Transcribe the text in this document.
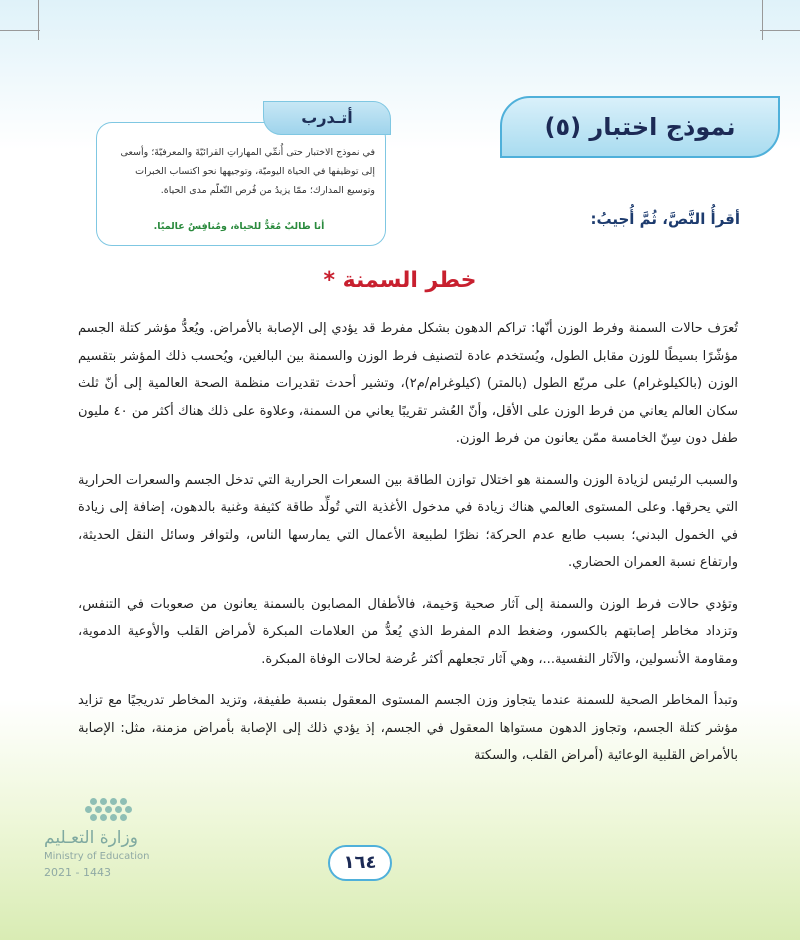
أتـدرب
في نموذج الاختبار حتى أُنمِّي المهاراتِ القرائيّةَ والمعرفيّةَ؛ وأسعى إلى توظيفها في الحياة اليوميّة، وتوجيهها نحو اكتساب الخبرات وتوسيع المدارك؛ ممّا يزيدُ من فُرص التّعلّم مدى الحياة.
أنا طالبٌ مُعَدٌّ للحياة، ومُنافِسٌ عالميًا.
نموذج اختبار (٥)
أقرأُ النَّصَّ، ثُمَّ أُجيبُ:
خطر السمنة *

تُعرَف حالات السمنة وفرط الوزن أنّها: تراكم الدهون بشكل مفرط قد يؤدي إلى الإصابة بالأمراض. ويُعدُّ مؤشر كتلة الجسم مؤشّرًا بسيطًا للوزن مقابل الطول، ويُستخدم عادة لتصنيف فرط الوزن والسمنة بين البالغين، ويُحسب ذلك المؤشر بتقسيم الوزن (بالكيلوغرام) على مربّع الطول (بالمتر) (كيلوغرام/م٢)، وتشير أحدث تقديرات منظمة الصحة العالمية إلى أنّ ثلث سكان العالم يعاني من فرط الوزن على الأقل، وأنّ العُشر تقريبًا يعاني من السمنة، وعلاوة على ذلك هناك أكثر من ٤٠ مليون طفل دون سِنّ الخامسة ممّن يعانون من فرط الوزن.

والسبب الرئيس لزيادة الوزن والسمنة هو اختلال توازن الطاقة بين السعرات الحرارية التي تدخل الجسم والسعرات الحرارية التي يحرقها. وعلى المستوى العالمي هناك زيادة في مدخول الأغذية التي تُولِّد طاقة كثيفة وغنية بالدهون، إضافة إلى زيادة في الخمول البدني؛ بسبب طابع عدم الحركة؛ نظرًا لطبيعة الأعمال التي يمارسها الناس، ولتوافر وسائل النقل الحديثة، وارتفاع نسبة العمران الحضاري.

وتؤدي حالات فرط الوزن والسمنة إلى آثار صحية وَخيمة، فالأطفال المصابون بالسمنة يعانون من صعوبات في التنفس، وتزداد مخاطر إصابتهم بالكسور، وضغط الدم المفرط الذي يُعدُّ من العلامات المبكرة لأمراض القلب والأوعية الدموية، ومقاومة الأنسولين، والآثار النفسية...، وهي آثار تجعلهم أكثر عُرضة لحالات الوفاة المبكرة.

وتبدأ المخاطر الصحية للسمنة عندما يتجاوز وزن الجسم المستوى المعقول بنسبة طفيفة، وتزيد المخاطر تدريجيًا مع تزايد مؤشر كتلة الجسم، وتجاوز الدهون مستواها المعقول في الجسم، إذ يؤدي ذلك إلى الإصابة بأمراض مزمنة، مثل: الإصابة بالأمراض القلبية الوعائية (أمراض القلب، والسكتة

وزارة التعـليم
Ministry of Education
2021 - 1443	١٦٤
